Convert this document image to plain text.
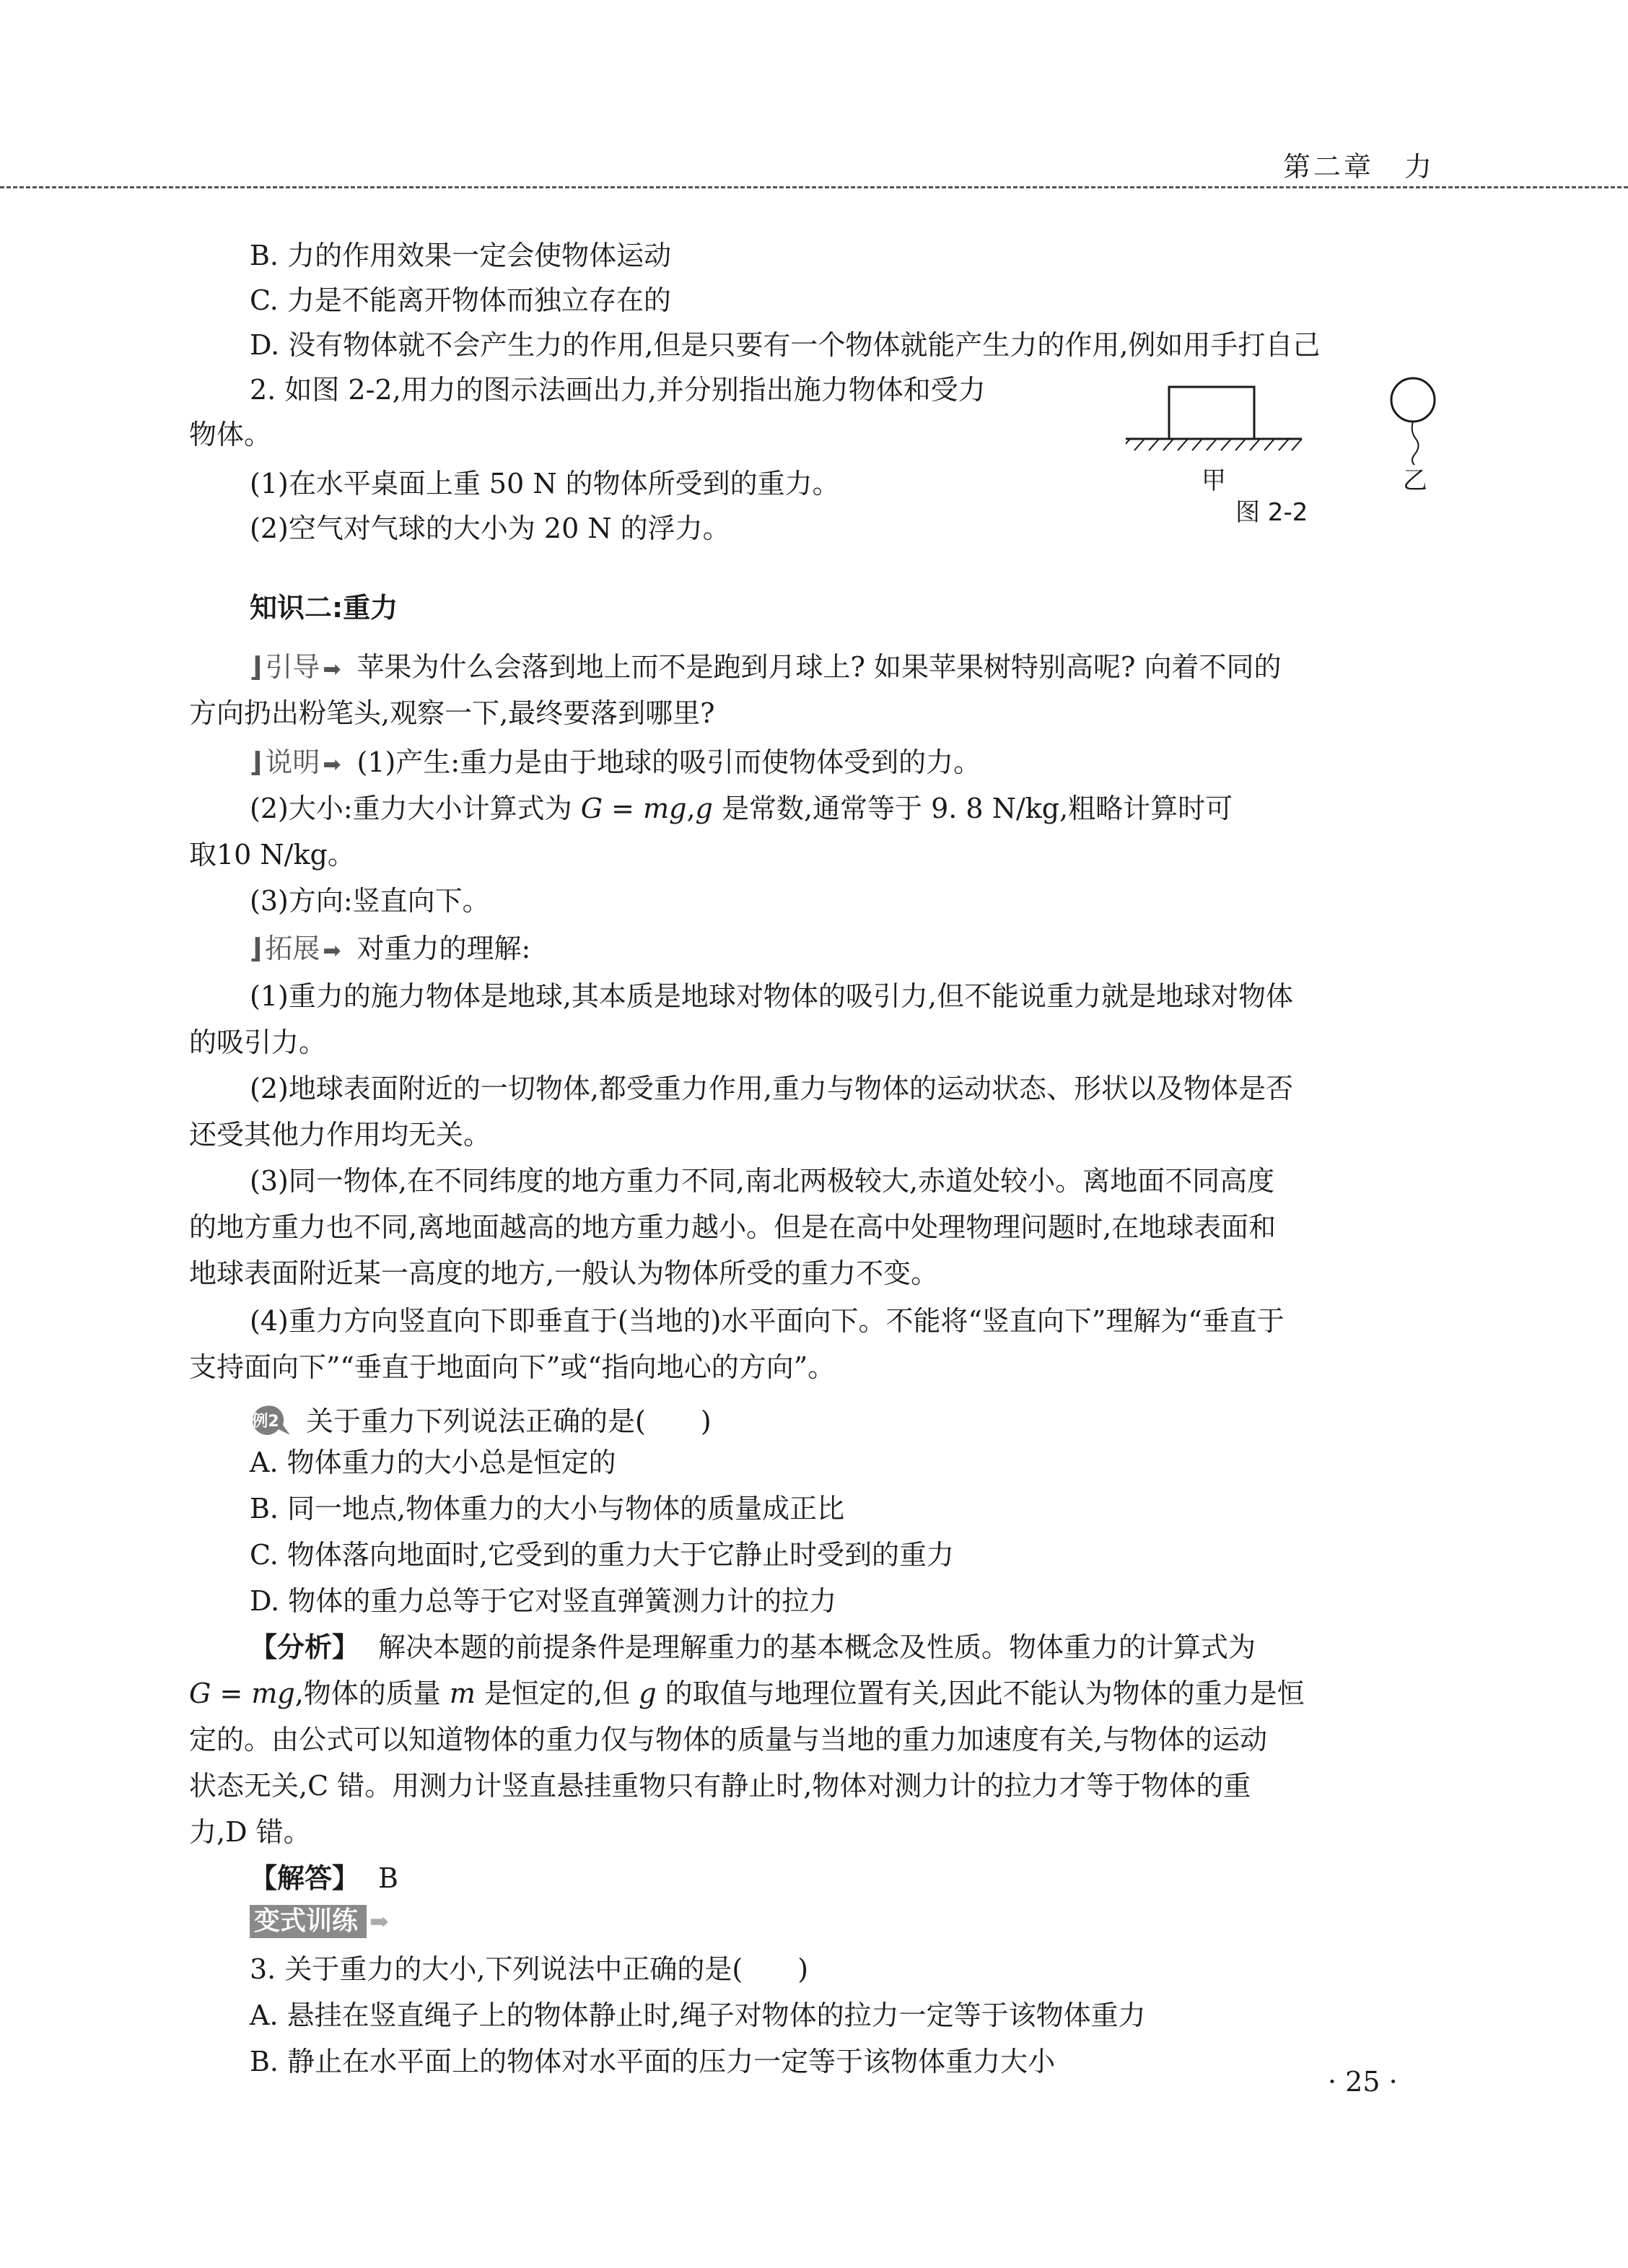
第二章　力
B. 力的作用效果一定会使物体运动
C. 力是不能离开物体而独立存在的
D. 没有物体就不会产生力的作用,但是只要有一个物体就能产生力的作用,例如用手打自己
2. 如图 2-2,用力的图示法画出力,并分别指出施力物体和受力
物体。
(1)在水平桌面上重 50 N 的物体所受到的重力。
(2)空气对气球的大小为 20 N 的浮力。
甲	乙
图 2-2
知识二:重力
⌋ 引导 ➡ 苹果为什么会落到地上而不是跑到月球上? 如果苹果树特别高呢? 向着不同的
方向扔出粉笔头,观察一下,最终要落到哪里?
⌋ 说明 ➡ (1)产生:重力是由于地球的吸引而使物体受到的力。
(2)大小:重力大小计算式为 G = mg,g 是常数,通常等于 9. 8 N/kg,粗略计算时可
取10 N/kg。
(3)方向:竖直向下。
⌋ 拓展 ➡ 对重力的理解:
(1)重力的施力物体是地球,其本质是地球对物体的吸引力,但不能说重力就是地球对物体
的吸引力。
(2)地球表面附近的一切物体,都受重力作用,重力与物体的运动状态、形状以及物体是否
还受其他力作用均无关。
(3)同一物体,在不同纬度的地方重力不同,南北两极较大,赤道处较小。离地面不同高度
的地方重力也不同,离地面越高的地方重力越小。但是在高中处理物理问题时,在地球表面和
地球表面附近某一高度的地方,一般认为物体所受的重力不变。
(4)重力方向竖直向下即垂直于(当地的)水平面向下。不能将“竖直向下”理解为“垂直于
支持面向下”“垂直于地面向下”或“指向地心的方向”。
例2 关于重力下列说法正确的是(　　)
A. 物体重力的大小总是恒定的
B. 同一地点,物体重力的大小与物体的质量成正比
C. 物体落向地面时,它受到的重力大于它静止时受到的重力
D. 物体的重力总等于它对竖直弹簧测力计的拉力
【分析】 解决本题的前提条件是理解重力的基本概念及性质。物体重力的计算式为
G = mg,物体的质量 m 是恒定的,但 g 的取值与地理位置有关,因此不能认为物体的重力是恒
定的。由公式可以知道物体的重力仅与物体的质量与当地的重力加速度有关,与物体的运动
状态无关,C 错。用测力计竖直悬挂重物只有静止时,物体对测力计的拉力才等于物体的重
力,D 错。
【解答】 B
变式训练 ➡
3. 关于重力的大小,下列说法中正确的是(　　)
A. 悬挂在竖直绳子上的物体静止时,绳子对物体的拉力一定等于该物体重力
B. 静止在水平面上的物体对水平面的压力一定等于该物体重力大小
· 25 ·
